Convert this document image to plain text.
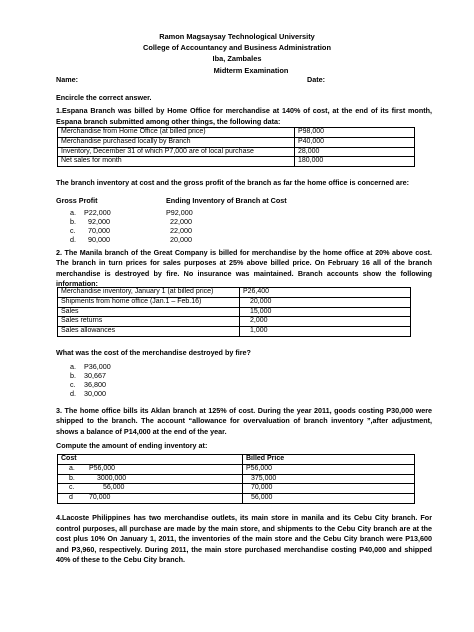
Ramon Magsaysay Technological University
College of Accountancy and Business Administration
Iba, Zambales
Midterm Examination
Name:	Date:
Encircle the correct answer.
1.Espana Branch was billed by Home Office for merchandise at 140% of cost, at the end of its first month, Espana branch submitted among other things, the following data:
Merchandise from Home Office (at billed price)	P98,000
Merchandise purchased locally by Branch	P40,000
Inventory, December 31 of which P7,000 are of local purchase	28,000
Net sales for month	180,000
The branch inventory at cost and the gross profit of the branch as far the home office is concerned are:
Gross Profit	Ending Inventory of Branch at Cost
a. P22,000	P92,000
b. 92,000	22,000
c. 70,000	22,000
d. 90,000	20,000
2. The Manila branch of the Great Company is billed for merchandise by the home office at 20% above cost. The branch in turn prices for sales purposes at 25% above billed price. On February 16 all of the branch merchandise is destroyed by fire. No insurance was maintained. Branch accounts show the following information:
Merchandise inventory, January 1 (at billed price)	P26,400
Shipments from home office (Jan.1 – Feb.16)	20,000
Sales	15,000
Sales returns	2,000
Sales allowances	1,000
What was the cost of the merchandise destroyed by fire?
a. P36,000
b. 30,667
c. 36,800
d. 30,000
3. The home office bills its Aklan branch at 125% of cost. During the year 2011, goods costing P30,000 were shipped to the branch. The account “allowance for overvaluation of branch inventory ”,after adjustment, shows a balance of P14,000 at the end of the year.
Compute the amount of ending inventory at:
Cost	Billed Price
a. P56,000	P56,000
b. 3000,000	375,000
c. 56,000	70,000
d 70,000	56,000
4.Lacoste Philippines has two merchandise outlets, its main store in manila and its Cebu City branch. For control purposes, all purchase are made by the main store, and shipments to the Cebu City branch are at the cost plus 10% On January 1, 2011, the inventories of the main store and the Cebu City branch were P13,600 and P3,960, respectively. During 2011, the main store purchased merchandise costing P40,000 and shipped 40% of these to the Cebu City branch.
